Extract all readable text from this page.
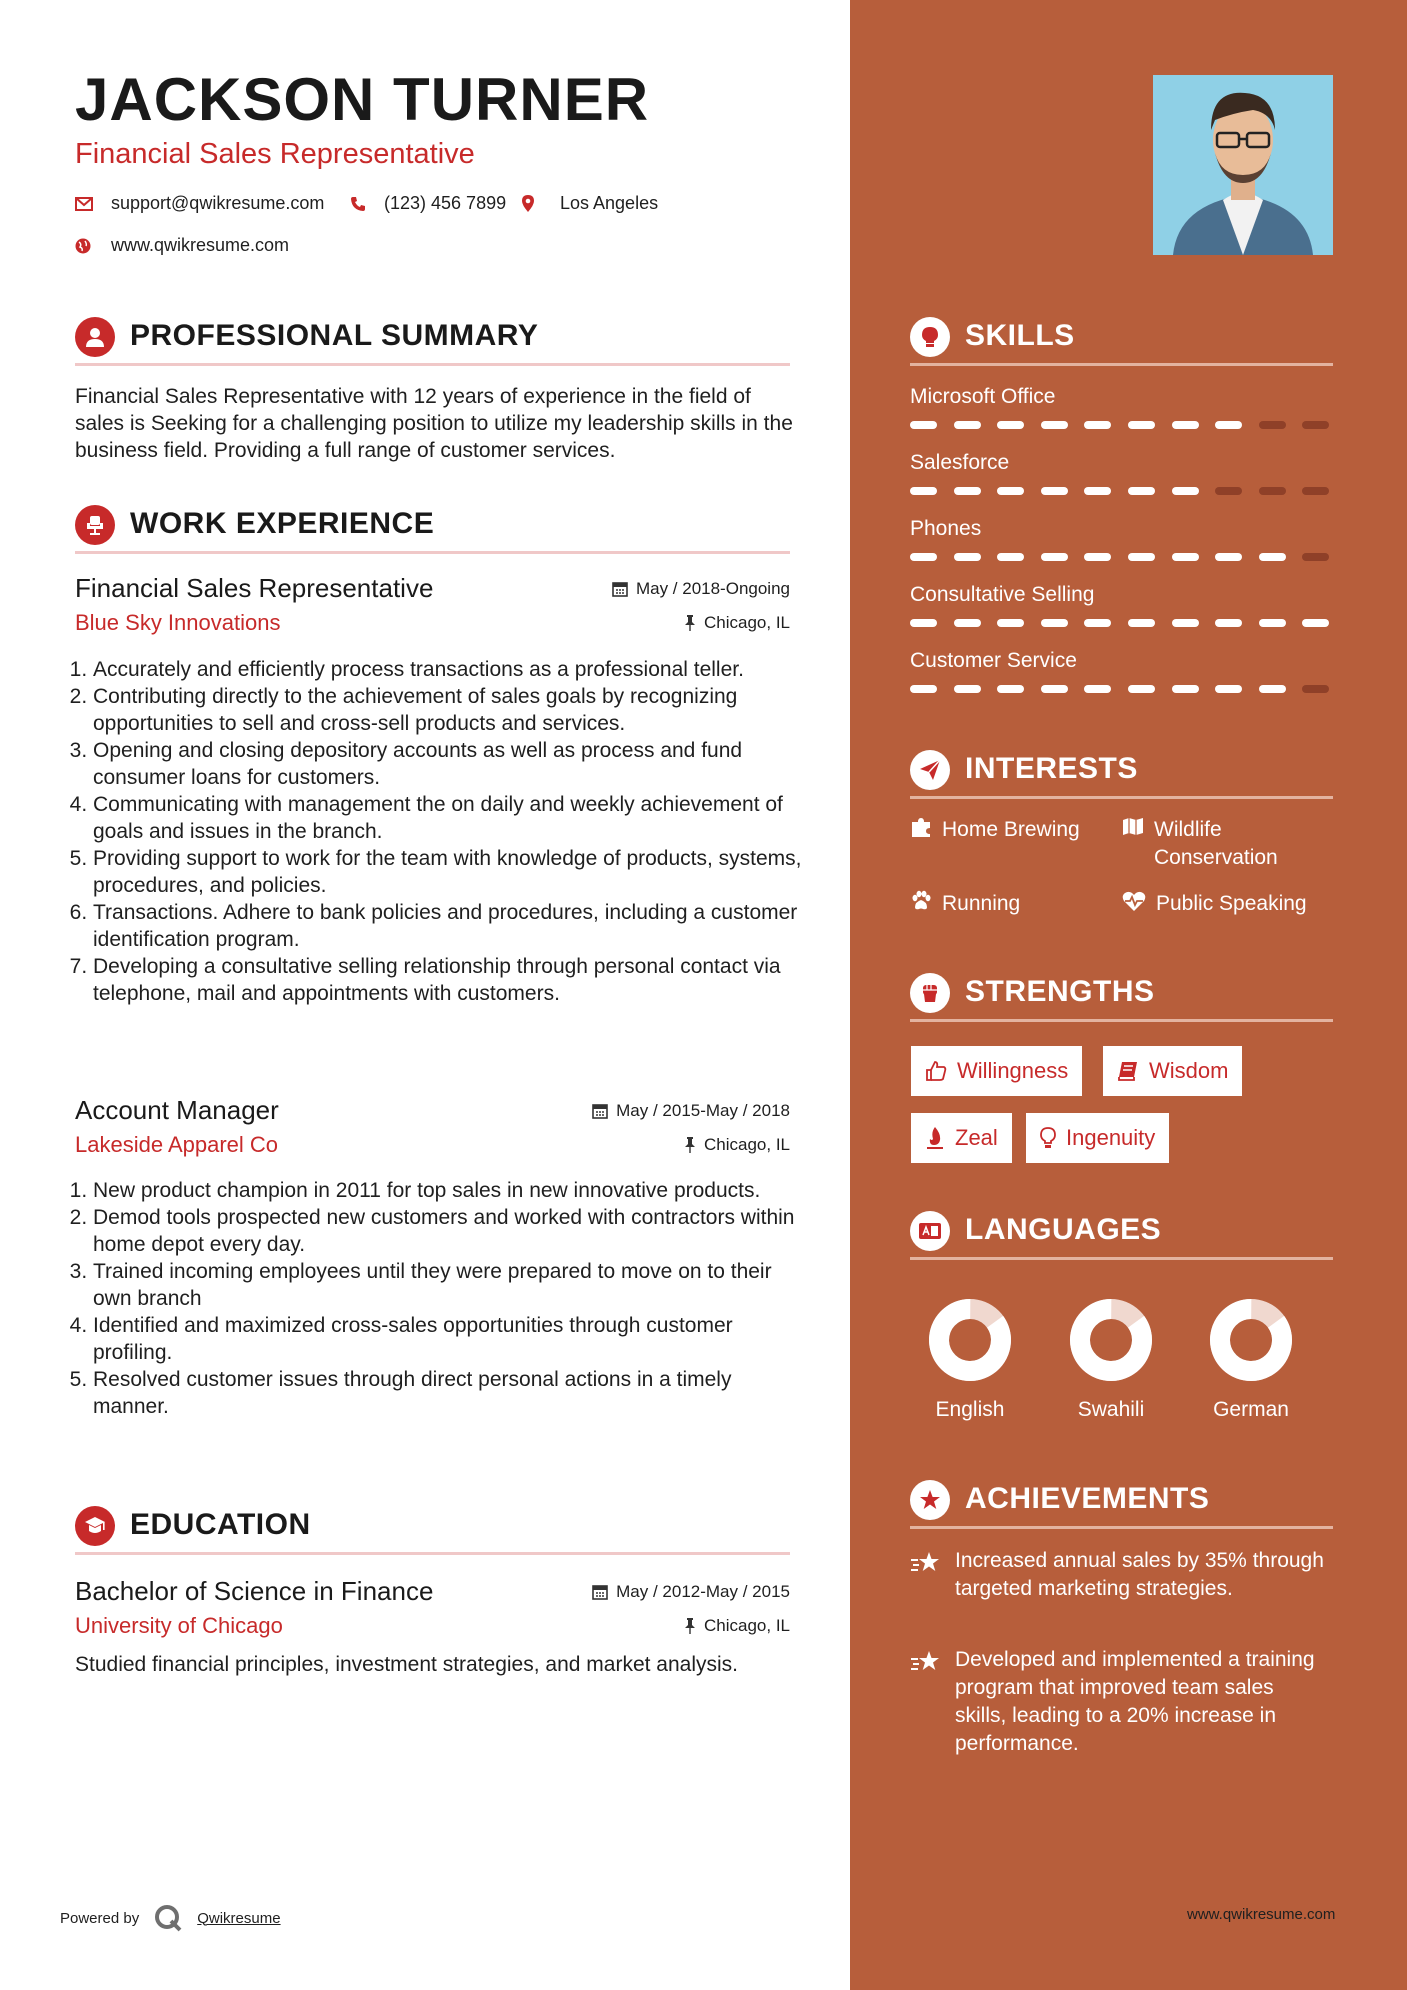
JACKSON TURNER
Financial Sales Representative
support@qwikresume.com	(123) 456 7899	Los Angeles
www.qwikresume.com
PROFESSIONAL SUMMARY
Financial Sales Representative with 12 years of experience in the field of sales is Seeking for a challenging position to utilize my leadership skills in the business field. Providing a full range of customer services.
WORK EXPERIENCE
Financial Sales Representative
Blue Sky Innovations
May / 2018-Ongoing
Chicago, IL
1. Accurately and efficiently process transactions as a professional teller.
2. Contributing directly to the achievement of sales goals by recognizing opportunities to sell and cross-sell products and services.
3. Opening and closing depository accounts as well as process and fund consumer loans for customers.
4. Communicating with management the on daily and weekly achievement of goals and issues in the branch.
5. Providing support to work for the team with knowledge of products, systems, procedures, and policies.
6. Transactions. Adhere to bank policies and procedures, including a customer identification program.
7. Developing a consultative selling relationship through personal contact via telephone, mail and appointments with customers.
Account Manager
Lakeside Apparel Co
May / 2015-May / 2018
Chicago, IL
1. New product champion in 2011 for top sales in new innovative products.
2. Demod tools prospected new customers and worked with contractors within home depot every day.
3. Trained incoming employees until they were prepared to move on to their own branch
4. Identified and maximized cross-sales opportunities through customer profiling.
5. Resolved customer issues through direct personal actions in a timely manner.
EDUCATION
Bachelor of Science in Finance
University of Chicago
May / 2012-May / 2015
Chicago, IL
Studied financial principles, investment strategies, and market analysis.
Powered by	Qwikresume	www.qwikresume.com
SKILLS
Microsoft Office
Salesforce
Phones
Consultative Selling
Customer Service
INTERESTS
Home Brewing	Wildlife Conservation
Running	Public Speaking
STRENGTHS
Willingness	Wisdom
Zeal	Ingenuity
LANGUAGES
English	Swahili	German
ACHIEVEMENTS
Increased annual sales by 35% through targeted marketing strategies.
Developed and implemented a training program that improved team sales skills, leading to a 20% increase in performance.
